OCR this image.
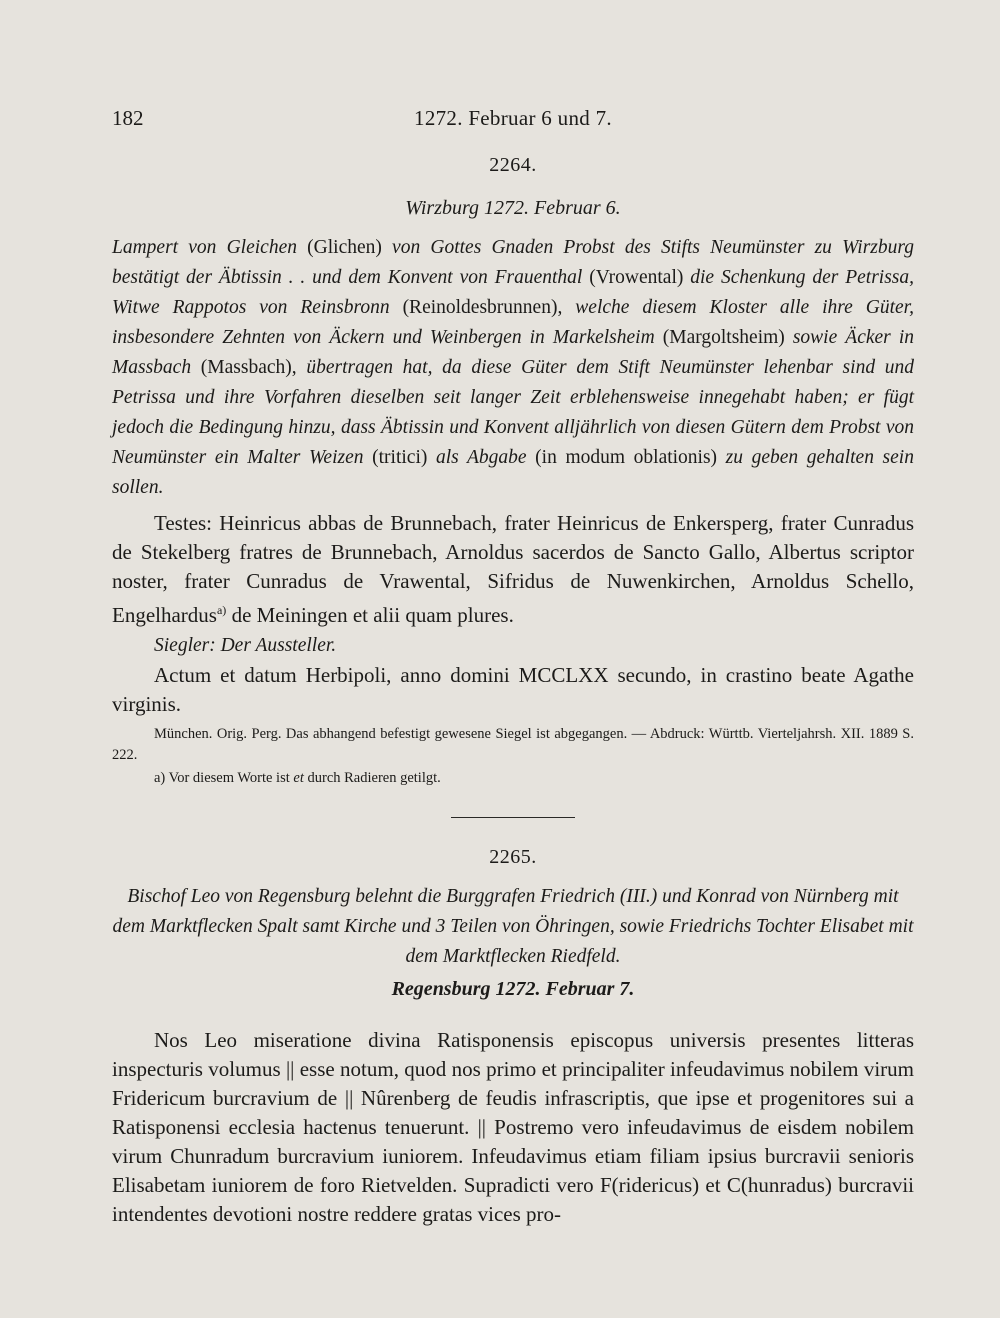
182	1272. Februar 6 und 7.
2264.
Wirzburg 1272. Februar 6.
Lampert von Gleichen (Glichen) von Gottes Gnaden Probst des Stifts Neumünster zu Wirzburg bestätigt der Äbtissin . . und dem Konvent von Frauenthal (Vrowental) die Schenkung der Petrissa, Witwe Rappotos von Reinsbronn (Reinoldesbrunnen), welche diesem Kloster alle ihre Güter, insbesondere Zehnten von Äckern und Weinbergen in Markelsheim (Margoltsheim) sowie Äcker in Massbach (Massbach), übertragen hat, da diese Güter dem Stift Neumünster lehenbar sind und Petrissa und ihre Vorfahren dieselben seit langer Zeit erblehensweise innegehabt haben; er fügt jedoch die Bedingung hinzu, dass Äbtissin und Konvent alljährlich von diesen Gütern dem Probst von Neumünster ein Malter Weizen (tritici) als Abgabe (in modum oblationis) zu geben gehalten sein sollen.
Testes: Heinricus abbas de Brunnebach, frater Heinricus de Enkersperg, frater Cunradus de Stekelberg fratres de Brunnebach, Arnoldus sacerdos de Sancto Gallo, Albertus scriptor noster, frater Cunradus de Vrawental, Sifridus de Nuwenkirchen, Arnoldus Schello, Engelhardus$^{a)}$ de Meiningen et alii quam plures.
Siegler: Der Aussteller.
Actum et datum Herbipoli, anno domini MCCLXX secundo, in crastino beate Agathe virginis.
München. Orig. Perg. Das abhangend befestigt gewesene Siegel ist abgegangen. — Abdruck: Württb. Vierteljahrsh. XII. 1889 S. 222.
a) Vor diesem Worte ist et durch Radieren getilgt.
2265.
Bischof Leo von Regensburg belehnt die Burggrafen Friedrich (III.) und Konrad von Nürnberg mit dem Marktflecken Spalt samt Kirche und 3 Teilen von Öhringen, sowie Friedrichs Tochter Elisabet mit dem Marktflecken Riedfeld.
Regensburg 1272. Februar 7.
Nos Leo miseratione divina Ratisponensis episcopus universis presentes litteras inspecturis volumus || esse notum, quod nos primo et principaliter infeudavimus nobilem virum Fridericum burcravium de || Nûrenberg de feudis infrascriptis, que ipse et progenitores sui a Ratisponensi ecclesia hactenus tenuerunt. || Postremo vero infeudavimus de eisdem nobilem virum Chunradum burcravium iuniorem. Infeudavimus etiam filiam ipsius burcravii senioris Elisabetam iuniorem de foro Rietvelden. Supradicti vero F(ridericus) et C(hunradus) burcravii intendentes devotioni nostre reddere gratas vices pro-
